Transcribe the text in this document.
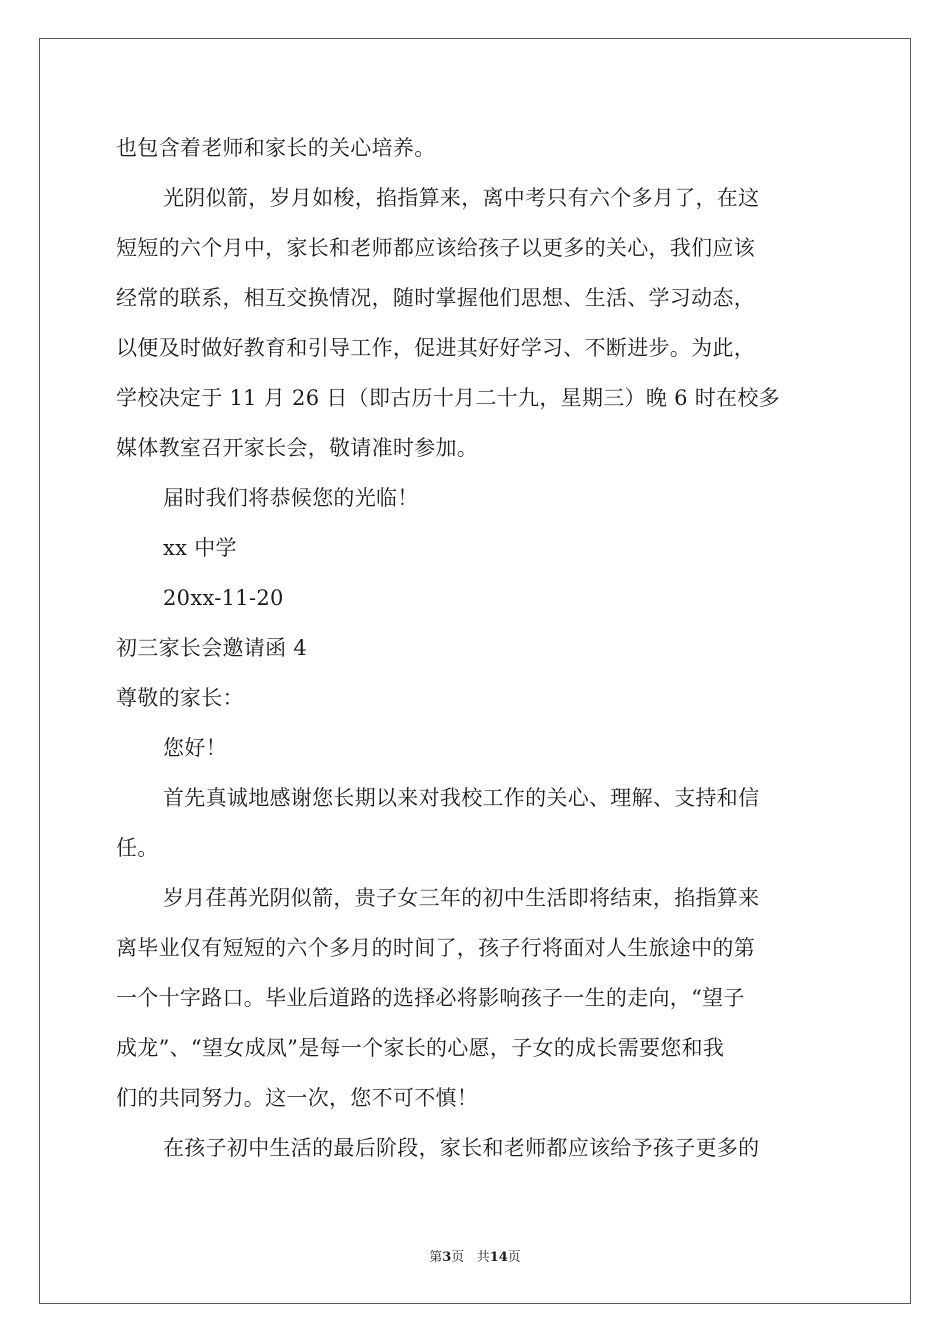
也包含着老师和家长的关心培养。
光阴似箭，岁月如梭，掐指算来，离中考只有六个多月了，在这
短短的六个月中，家长和老师都应该给孩子以更多的关心，我们应该
经常的联系，相互交换情况，随时掌握他们思想、生活、学习动态，
以便及时做好教育和引导工作，促进其好好学习、不断进步。为此，
学校决定于 11 月 26 日（即古历十月二十九，星期三）晚 6 时在校多
媒体教室召开家长会，敬请准时参加。
届时我们将恭候您的光临！
xx 中学
20xx-11-20
初三家长会邀请函 4
尊敬的家长：
您好！
首先真诚地感谢您长期以来对我校工作的关心、理解、支持和信
任。
岁月荏苒光阴似箭，贵子女三年的初中生活即将结束，掐指算来
离毕业仅有短短的六个多月的时间了，孩子行将面对人生旅途中的第
一个十字路口。毕业后道路的选择必将影响孩子一生的走向，“望子
成龙”、“望女成凤”是每一个家长的心愿，子女的成长需要您和我
们的共同努力。这一次，您不可不慎！
在孩子初中生活的最后阶段，家长和老师都应该给予孩子更多的
第3页 共14页
